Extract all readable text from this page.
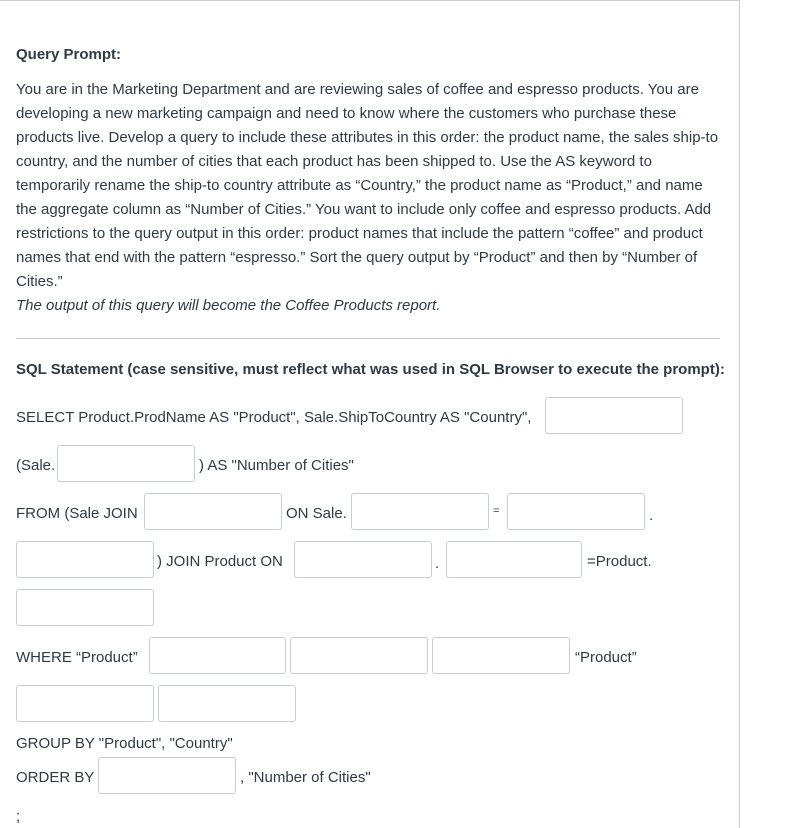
Query Prompt:

You are in the Marketing Department and are reviewing sales of coffee and espresso products. You are developing a new marketing campaign and need to know where the customers who purchase these products live. Develop a query to include these attributes in this order: the product name, the sales ship-to country, and the number of cities that each product has been shipped to. Use the AS keyword to temporarily rename the ship-to country attribute as “Country,” the product name as “Product,” and name the aggregate column as “Number of Cities.” You want to include only coffee and espresso products. Add restrictions to the query output in this order: product names that include the pattern “coffee” and product names that end with the pattern “espresso.” Sort the query output by “Product” and then by “Number of Cities.”

The output of this query will become the Coffee Products report.

SQL Statement (case sensitive, must reflect what was used in SQL Browser to execute the prompt):
SELECT Product.ProdName AS "Product", Sale.ShipToCountry AS "Country",
(Sale.	) AS "Number of Cities"
FROM (Sale JOIN	ON Sale.	=	.
) JOIN Product ON	.	=Product.
WHERE “Product”	“Product”
GROUP BY "Product", "Country"
ORDER BY	, "Number of Cities"
;
